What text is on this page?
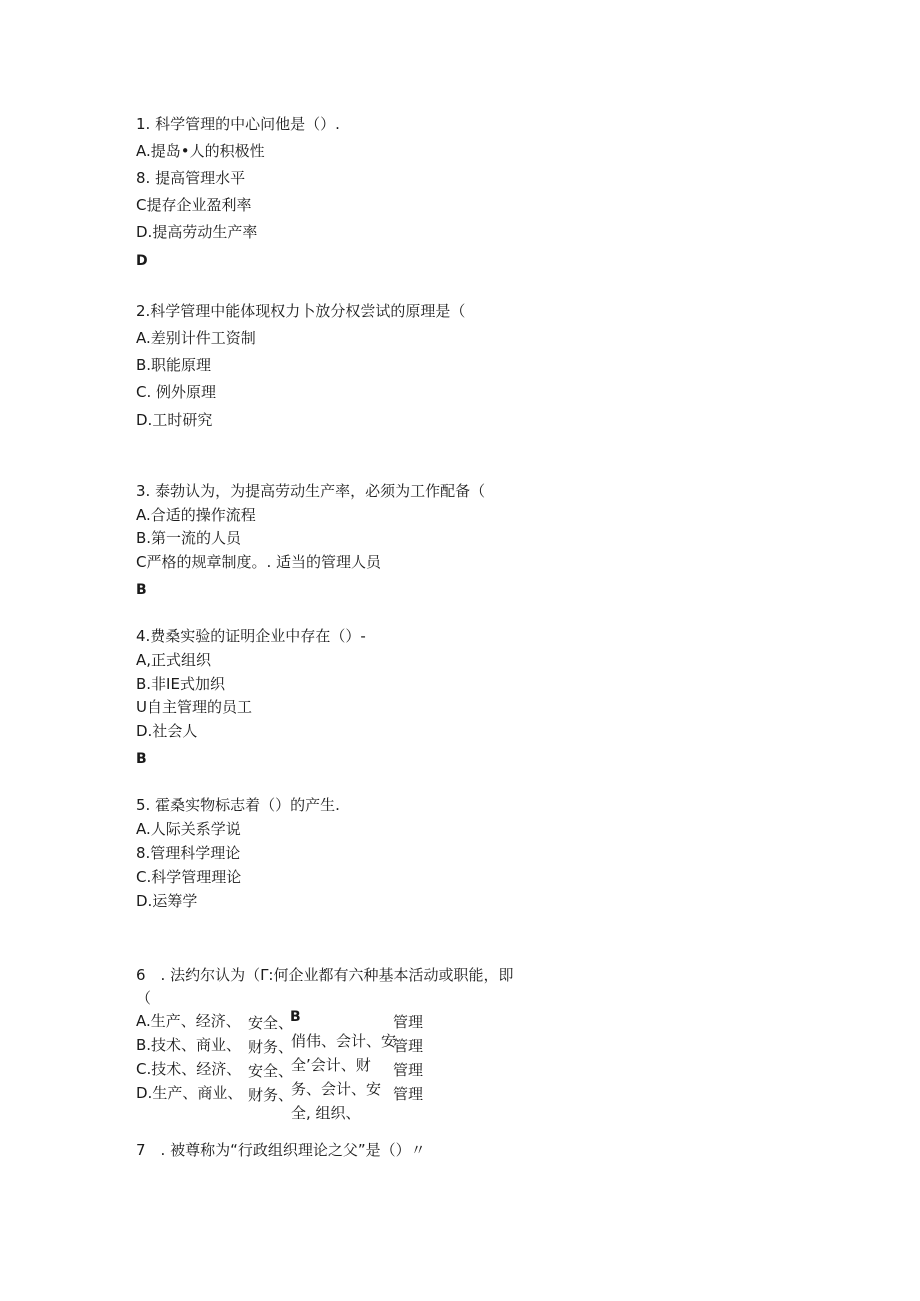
1. 科学管理的中心问他是（）.
A.提岛•人的积极性
8. 提高管理水平
C提存企业盈利率
D.提高劳动生产率
D
2.科学管理中能体现权力卜放分权尝试的原理是（
A.差别计件工资制
B.职能原理
C. 例外原理
D.工时研究
3. 泰勃认为，为提高劳动生产率，必须为工作配备（
A.合适的操作流程
B.第一流的人员
C严格的规章制度。. 适当的管理人员
B
4.费桑实验的证明企业中存在（）-
A,正式组织
B.非IE式加织
U自主管理的员工
D.社会人
B
5. 霍桑实物标志着（）的产生.
A.人际关系学说
8.管理科学理论
C.科学管理理论
D.运筹学
6　. 法约尔认为（Γ:何企业都有六种基本活动或职能，即
（
A.生产、经济、
B.技术、商业、
C.技术、经济、
D.生产、商业、
安全、
财务、
安全、
财务、
B
俏伟、会计、安
全’会计、财
务、会计、安
全, 组织、
管理
管理
管理
管理
7　. 被尊称为“行政组织理论之父”是（）〃
